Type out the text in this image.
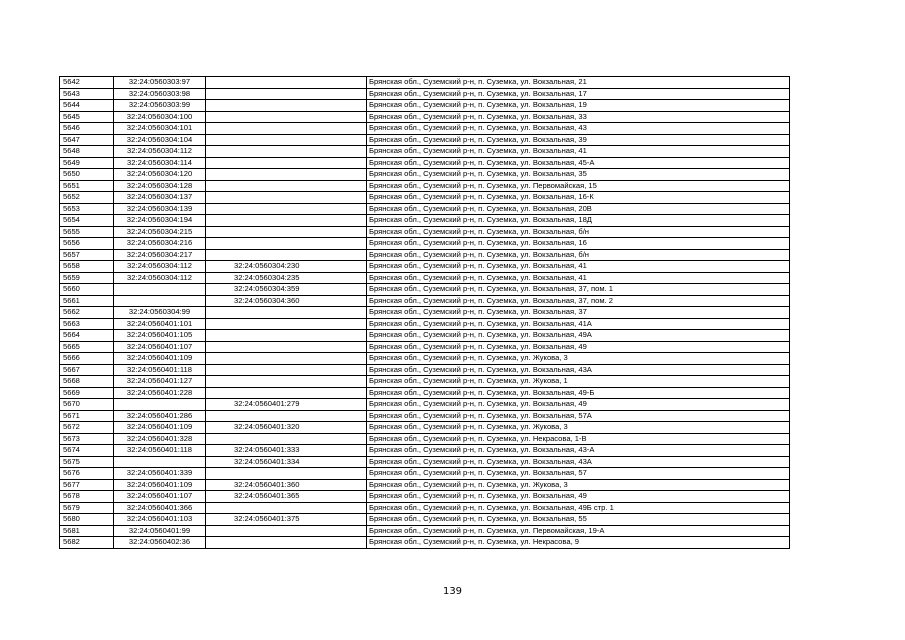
5642	32:24:0560303:97		Брянская обл., Суземский р-н, п. Суземка, ул. Вокзальная, 21
5643	32:24:0560303:98		Брянская обл., Суземский р-н, п. Суземка, ул. Вокзальная, 17
5644	32:24:0560303:99		Брянская обл., Суземский р-н, п. Суземка, ул. Вокзальная, 19
5645	32:24:0560304:100		Брянская обл., Суземский р-н, п. Суземка, ул. Вокзальная, 33
5646	32:24:0560304:101		Брянская обл., Суземский р-н, п. Суземка, ул. Вокзальная, 43
5647	32:24:0560304:104		Брянская обл., Суземский р-н, п. Суземка, ул. Вокзальная, 39
5648	32:24:0560304:112		Брянская обл., Суземский р-н, п. Суземка, ул. Вокзальная, 41
5649	32:24:0560304:114		Брянская обл., Суземский р-н, п. Суземка, ул. Вокзальная, 45-А
5650	32:24:0560304:120		Брянская обл., Суземский р-н, п. Суземка, ул. Вокзальная, 35
5651	32:24:0560304:128		Брянская обл., Суземский р-н, п. Суземка, ул. Первомайская, 15
5652	32:24:0560304:137		Брянская обл., Суземский р-н, п. Суземка, ул. Вокзальная, 16-К
5653	32:24:0560304:139		Брянская обл., Суземский р-н, п. Суземка, ул. Вокзальная, 20В
5654	32:24:0560304:194		Брянская обл., Суземский р-н, п. Суземка, ул. Вокзальная, 18Д
5655	32:24:0560304:215		Брянская обл., Суземский р-н, п. Суземка, ул. Вокзальная, б/н
5656	32:24:0560304:216		Брянская обл., Суземский р-н, п. Суземка, ул. Вокзальная, 16
5657	32:24:0560304:217		Брянская обл., Суземский р-н, п. Суземка, ул. Вокзальная, б/н
5658	32:24:0560304:112	32:24:0560304:230	Брянская обл., Суземский р-н, п. Суземка, ул. Вокзальная, 41
5659	32:24:0560304:112	32:24:0560304:235	Брянская обл., Суземский р-н, п. Суземка, ул. Вокзальная, 41
5660		32:24:0560304:359	Брянская обл., Суземский р-н, п. Суземка, ул. Вокзальная, 37, пом. 1
5661		32:24:0560304:360	Брянская обл., Суземский р-н, п. Суземка, ул. Вокзальная, 37, пом. 2
5662	32:24:0560304:99		Брянская обл., Суземский р-н, п. Суземка, ул. Вокзальная, 37
5663	32:24:0560401:101		Брянская обл., Суземский р-н, п. Суземка, ул. Вокзальная, 41А
5664	32:24:0560401:105		Брянская обл., Суземский р-н, п. Суземка, ул. Вокзальная, 49А
5665	32:24:0560401:107		Брянская обл., Суземский р-н, п. Суземка, ул. Вокзальная, 49
5666	32:24:0560401:109		Брянская обл., Суземский р-н, п. Суземка, ул. Жукова, 3
5667	32:24:0560401:118		Брянская обл., Суземский р-н, п. Суземка, ул. Вокзальная, 43А
5668	32:24:0560401:127		Брянская обл., Суземский р-н, п. Суземка, ул. Жукова, 1
5669	32:24:0560401:228		Брянская обл., Суземский р-н, п. Суземка, ул. Вокзальная, 49-Б
5670		32:24:0560401:279	Брянская обл., Суземский р-н, п. Суземка, ул. Вокзальная, 49
5671	32:24:0560401:286		Брянская обл., Суземский р-н, п. Суземка, ул. Вокзальная, 57А
5672	32:24:0560401:109	32:24:0560401:320	Брянская обл., Суземский р-н, п. Суземка, ул. Жукова, 3
5673	32:24:0560401:328		Брянская обл., Суземский р-н, п. Суземка, ул. Некрасова, 1-В
5674	32:24:0560401:118	32:24:0560401:333	Брянская обл., Суземский р-н, п. Суземка, ул. Вокзальная, 43-А
5675		32:24:0560401:334	Брянская обл., Суземский р-н, п. Суземка, ул. Вокзальная, 43А
5676	32:24:0560401:339		Брянская обл., Суземский р-н, п. Суземка, ул. Вокзальная, 57
5677	32:24:0560401:109	32:24:0560401:360	Брянская обл., Суземский р-н, п. Суземка, ул. Жукова, 3
5678	32:24:0560401:107	32:24:0560401:365	Брянская обл., Суземский р-н, п. Суземка, ул. Вокзальная, 49
5679	32:24:0560401:366		Брянская обл., Суземский р-н, п. Суземка, ул. Вокзальная, 49Б стр. 1
5680	32:24:0560401:103	32:24:0560401:375	Брянская обл., Суземский р-н, п. Суземка, ул. Вокзальная, 55
5681	32:24:0560401:99		Брянская обл., Суземский р-н, п. Суземка, ул. Первомайская, 19-А
5682	32:24:0560402:36		Брянская обл., Суземский р-н, п. Суземка, ул. Некрасова, 9
139
